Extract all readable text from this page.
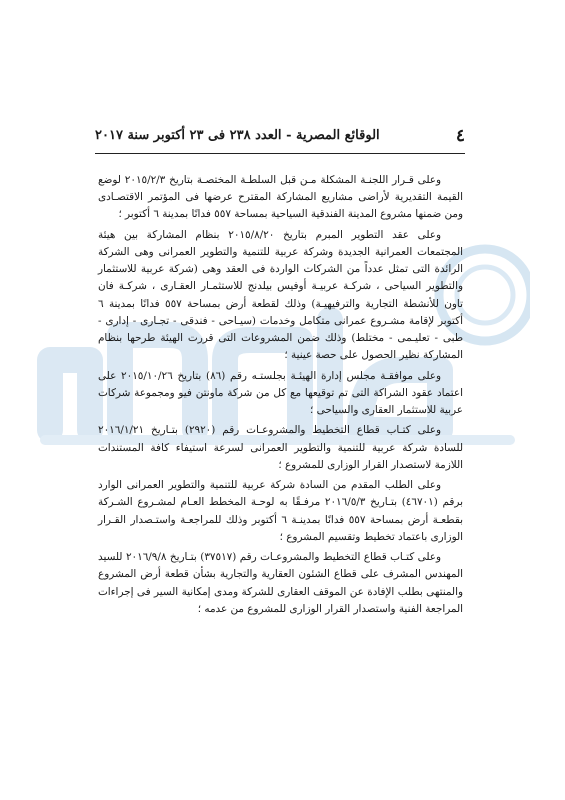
٤
الوقائع المصرية - العدد ٢٣٨ فى ٢٣ أكتوبر سنة ٢٠١٧

وعلى قـرار اللجنـة المشكلة مـن قبل السلطـة المختصـة بتاريخ ٢٠١٥/٢/٣ لوضع القيمة التقديرية لأراضى مشاريع المشاركة المقترح عرضها فى المؤتمر الاقتصـادى ومن ضمنها مشروع المدينة الفندقية السياحية بمساحة ٥٥٧ فدانًا بمدينة ٦ أكتوبر ؛

وعلى عقد التطوير المبرم بتاريخ ٢٠١٥/٨/٢٠ بنظام المشاركة بين هيئة المجتمعات العمرانية الجديدة وشركة عربية للتنمية والتطوير العمرانى وهى الشركة الرائدة التى تمثل عدداً من الشركات الواردة فى العقد وهى (شركة عربية للاستثمار والتطوير السياحى ، شركـة عربيـة أوفيس بيلدنج للاستثمـار العقـارى ، شركـة فان تاون للأنشطة التجارية والترفيهيـة) وذلك لقطعة أرض بمساحة ٥٥٧ فدانًا بمدينة ٦ أكتوبر لإقامة مشـروع عمرانى متكامل وخدمات (سيـاحى - فندقى - تجـارى - إدارى - طبى - تعليـمى - مختلط) وذلك ضمن المشروعات التى قررت الهيئة طرحها بنظام المشاركة نظير الحصول على حصة عينية ؛

وعلى موافقـة مجلس إدارة الهيئـة بجلستـه رقم (٨٦) بتاريخ ٢٠١٥/١٠/٢٦ على اعتماد عقود الشراكة التى تم توقيعها مع كل من شركة ماونتن فيو ومجموعة شركات عربية للاستثمار العقارى والسياحى ؛

وعلى كتـاب قطاع التخطيط والمشروعـات رقم (٢٩٢٠) بتـاريخ ٢٠١٦/١/٢١ للسادة شركة عربية للتنمية والتطوير العمرانى لسرعة استيفاء كافة المستندات اللازمة لاستصدار القرار الوزارى للمشروع ؛

وعلى الطلب المقدم من السادة شركة عربية للتنمية والتطوير العمرانى الوارد برقم (٤٦٧٠١) بتـاريخ ٢٠١٦/٥/٣ مرفـقًا به لوحـة المخطط العـام لمشـروع الشـركة بقطعـة أرض بمساحة ٥٥٧ فدانًا بمدينـة ٦ أكتوبر وذلك للمراجعـة واستـصدار القـرار الوزارى باعتماد تخطيط وتقسيم المشروع ؛

وعلى كتـاب قطاع التخطيط والمشروعـات رقم (٣٧٥١٧) بتـاريخ ٢٠١٦/٩/٨ للسيد المهندس المشرف على قطاع الشئون العقارية والتجارية بشأن قطعة أرض المشروع والمنتهى بطلب الإفادة عن الموقف العقارى للشركة ومدى إمكانية السير فى إجراءات المراجعة الفنية واستصدار القرار الوزارى للمشروع من عدمه ؛
